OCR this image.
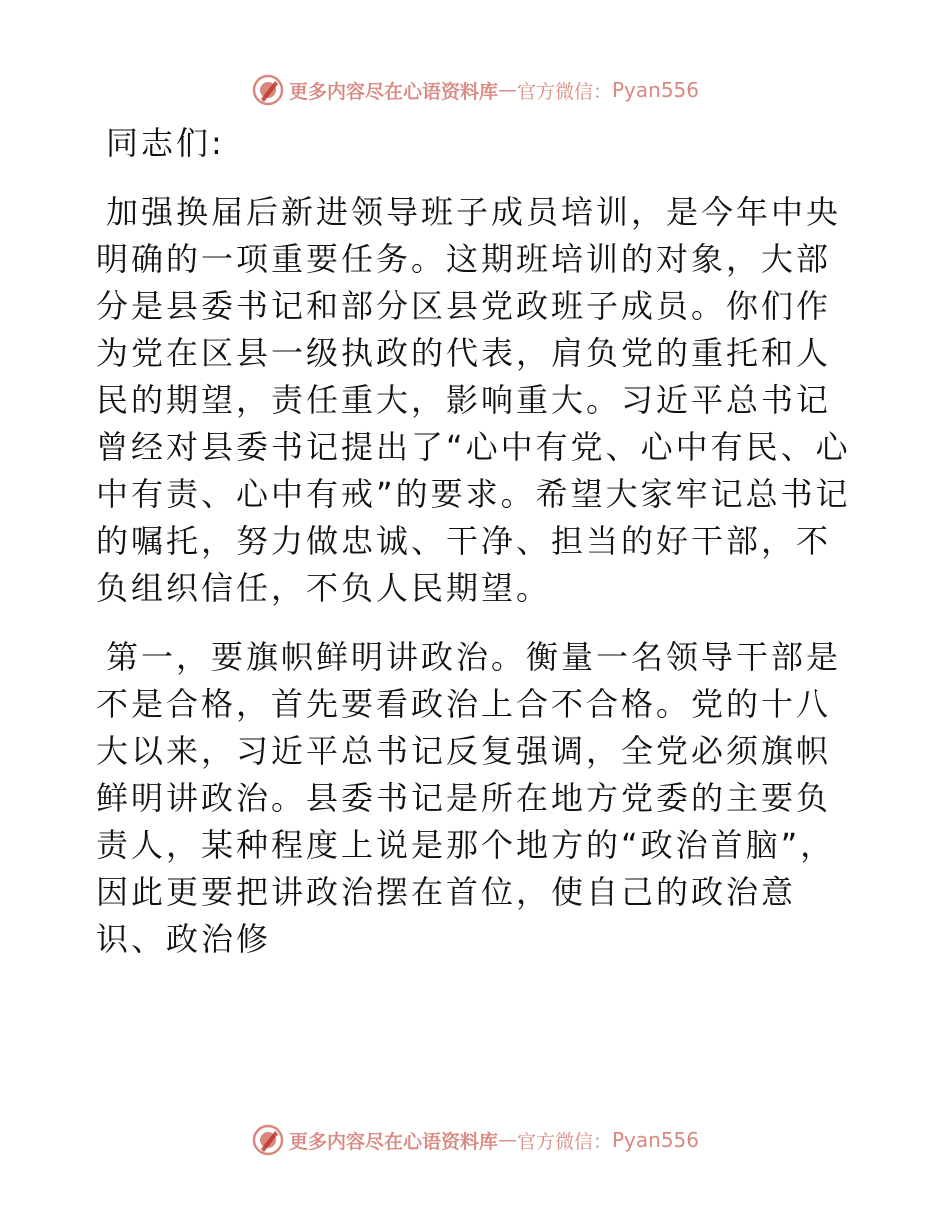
更多内容尽在心语资料库 — 官方微信： Pyan556

同志们:

加强换届后新进领导班子成员培训，是今年中央明确的一项重要任务。这期班培训的对象，大部分是县委书记和部分区县党政班子成员。你们作为党在区县一级执政的代表，肩负党的重托和人民的期望，责任重大，影响重大。习近平总书记曾经对县委书记提出了“心中有党、心中有民、心中有责、心中有戒”的要求。希望大家牢记总书记的嘱托，努力做忠诚、干净、担当的好干部，不负组织信任，不负人民期望。

第一，要旗帜鲜明讲政治。衡量一名领导干部是不是合格，首先要看政治上合不合格。党的十八大以来，习近平总书记反复强调，全党必须旗帜鲜明讲政治。县委书记是所在地方党委的主要负责人，某种程度上说是那个地方的“政治首脑”，因此更要把讲政治摆在首位，使自己的政治意识、政治修

更多内容尽在心语资料库 — 官方微信： Pyan556
